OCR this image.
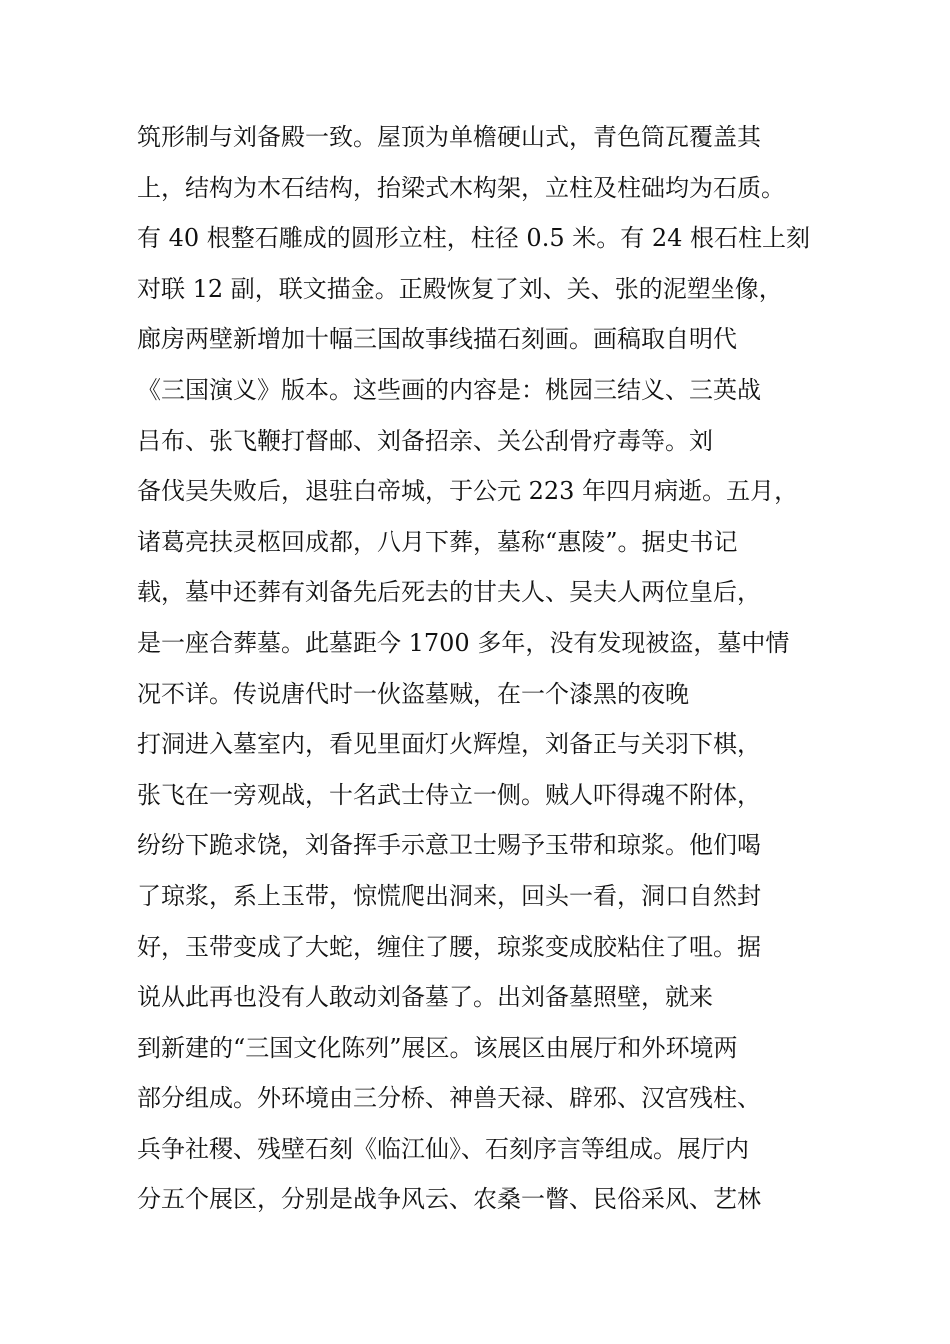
筑形制与刘备殿一致。屋顶为单檐硬山式，青色筒瓦覆盖其
上，结构为木石结构，抬梁式木构架，立柱及柱础均为石质。
有 40 根整石雕成的圆形立柱，柱径 0.5 米。有 24 根石柱上刻
对联 12 副，联文描金。正殿恢复了刘、关、张的泥塑坐像，
廊房两壁新增加十幅三国故事线描石刻画。画稿取自明代
《三国演义》版本。这些画的内容是：桃园三结义、三英战
吕布、张飞鞭打督邮、刘备招亲、关公刮骨疗毒等。刘
备伐吴失败后，退驻白帝城，于公元 223 年四月病逝。五月，
诸葛亮扶灵柩回成都，八月下葬，墓称“惠陵”。据史书记
载，墓中还葬有刘备先后死去的甘夫人、吴夫人两位皇后，
是一座合葬墓。此墓距今 1700 多年，没有发现被盗，墓中情
况不详。传说唐代时一伙盗墓贼，在一个漆黑的夜晚
打洞进入墓室内，看见里面灯火辉煌，刘备正与关羽下棋，
张飞在一旁观战，十名武士侍立一侧。贼人吓得魂不附体，
纷纷下跪求饶，刘备挥手示意卫士赐予玉带和琼浆。他们喝
了琼浆，系上玉带，惊慌爬出洞来，回头一看，洞口自然封
好，玉带变成了大蛇，缠住了腰，琼浆变成胶粘住了咀。据
说从此再也没有人敢动刘备墓了。出刘备墓照壁，就来
到新建的“三国文化陈列”展区。该展区由展厅和外环境两
部分组成。外环境由三分桥、神兽天禄、辟邪、汉宫残柱、
兵争社稷、残壁石刻《临江仙》、石刻序言等组成。展厅内
分五个展区，分别是战争风云、农桑一瞥、民俗采风、艺林
